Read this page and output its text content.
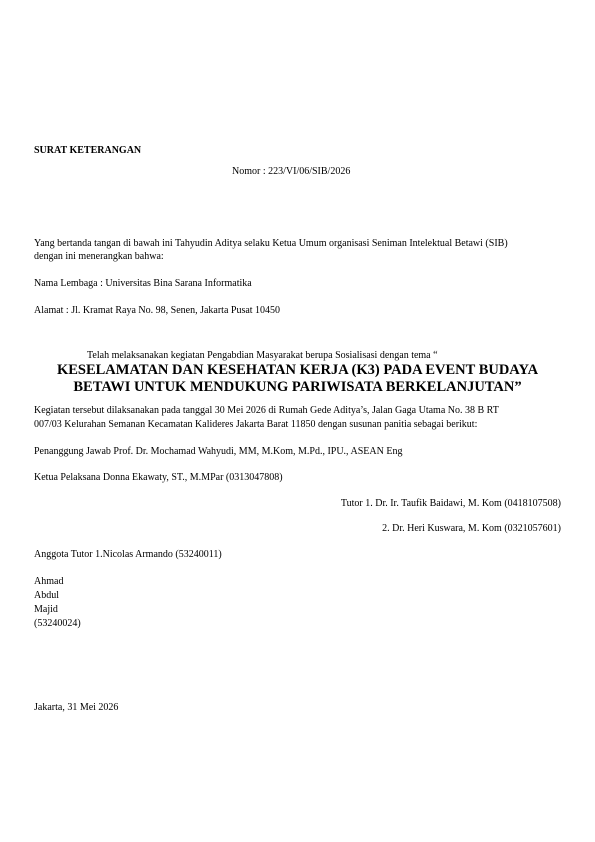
SURAT KETERANGAN
Nomor : 223/VI/06/SIB/2026
Yang bertanda tangan di bawah ini Tahyudin Aditya selaku Ketua Umum organisasi Seniman Intelektual Betawi (SIB)
dengan ini menerangkan bahwa:
Nama Lembaga : Universitas Bina Sarana Informatika
Alamat : Jl. Kramat Raya No. 98, Senen, Jakarta Pusat 10450
Telah melaksanakan kegiatan Pengabdian Masyarakat berupa Sosialisasi dengan tema “
KESELAMATAN DAN KESEHATAN KERJA (K3) PADA EVENT BUDAYA
BETAWI UNTUK MENDUKUNG PARIWISATA BERKELANJUTAN”
Kegiatan tersebut dilaksanakan pada tanggal 30 Mei 2026 di Rumah Gede Aditya’s, Jalan Gaga Utama No. 38 B RT
007/03 Kelurahan Semanan Kecamatan Kalideres Jakarta Barat 11850 dengan susunan panitia sebagai berikut:
Penanggung Jawab Prof. Dr. Mochamad Wahyudi, MM, M.Kom, M.Pd., IPU., ASEAN Eng
Ketua Pelaksana Donna Ekawaty, ST., M.MPar (0313047808)
Tutor 1. Dr. Ir. Taufik Baidawi, M. Kom (0418107508)
2. Dr. Heri Kuswara, M. Kom (0321057601)
Anggota Tutor 1.Nicolas Armando (53240011)
Ahmad
Abdul
Majid
(53240024)
Jakarta, 31 Mei 2026
